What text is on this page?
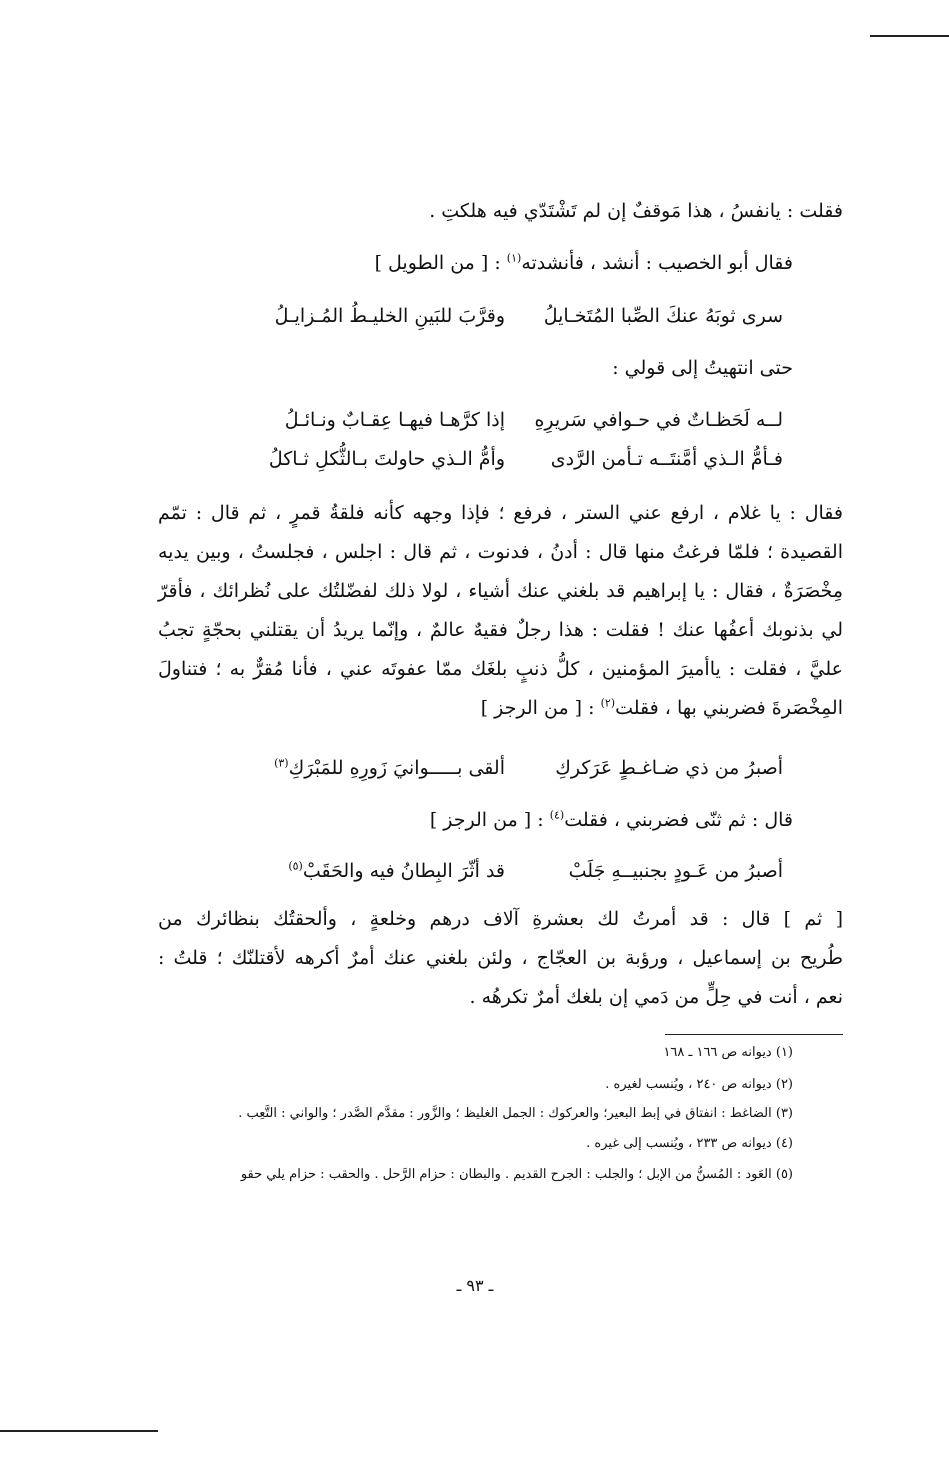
فقلت : يانفسُ ، هذا مَوقفٌ إن لم تَشْتَدّي فيه هلكتِ .
فقال أبو الخصيب : أنشد ، فأنشدته$^{(١)}$ : [ من الطويل ]
سرى ثوبَهُ عنكَ الصِّبا المُتَخـايلُ
وقرَّبَ للبَينِ الخليـطُ المُـزايـلُ
حتى انتهيتُ إلى قولي :
لــه لَحَظـاتٌ في حـوافي سَريرِهِ
إذا كرَّهـا فيهـا عِقـابٌ ونـائـلُ
فـأمُّ الـذي أمَّنتَــه تـأمن الرَّدى
وأمُّ الـذي حاولتَ بـالثُّكلِ ثـاكلُ
فقال : يا غلام ، ارفع عني الستر ، فرفع ؛ فإذا وجهه كأنه فلقةُ قمرٍ ، ثم قال : تمّم
القصيدة ؛ فلمّا فرغتُ منها قال : أدنُ ، فدنوت ، ثم قال : اجلس ، فجلستُ ، وبين يديه
مِخْصَرَةٌ ، فقال : يا إبراهيم قد بلغني عنك أشياء ، لولا ذلك لفضّلتُك على نُظرائك ، فأقرّ
لي بذنوبك أعفُها عنك ! فقلت : هذا رجلٌ فقيهٌ عالمٌ ، وإنّما يريدُ أن يقتلني بحجّةٍ تجبُ
عليَّ ، فقلت : ياأميرَ المؤمنين ، كلُّ ذنبٍ بلغَك ممّا عفوتَه عني ، فأنا مُقرٌّ به ؛ فتناولَ
المِخْصَرةَ فضربني بها ، فقلت$^{(٢)}$ : [ من الرجز ]
أصبرُ من ذي ضـاغـطٍ عَرَكركِ
ألقى بـــــوانيَ زَورِهِ للمَبْرَكِ$^{(٣)}$
قال : ثم ثنّى فضربني ، فقلت$^{(٤)}$ : [ من الرجز ]
أصبرُ من عَـودٍ بجنبيــهِ جَلَبْ
قد أثّرَ البِطانُ فيه والحَقَبْ$^{(٥)}$
[ ثم ] قال : قد أمرتُ لك بعشرةِ آلاف درهم وخلعةٍ ، وألحقتُك بنظائرك من
طُريح بن إسماعيل ، ورؤبة بن العجّاج ، ولئن بلغني عنك أمرٌ أكرهه لأقتلنّك ؛ قلتُ :
نعم ، أنت في حِلٍّ من دَمي إن بلغك أمرٌ تكرهُه .
(١) ديوانه ص ١٦٦ ـ ١٦٨
(٢) ديوانه ص ٢٤٠ ، ويُنسب لغيره .
(٣) الضاغط : انفتاق في إبط البعير؛ والعركوك : الجمل الغليظ ؛ والزَّور : مقدَّم الصَّدر ؛ والواني : التَّعِب .
(٤) ديوانه ص ٢٣٣ ، ويُنسب إلى غيره .
(٥) العَود : المُسنُّ من الإبل ؛ والجلب : الجرح القديم . والبطان : حزام الرَّحل . والحقب : حزام يلي حقو
ـ ٩٣ ـ
